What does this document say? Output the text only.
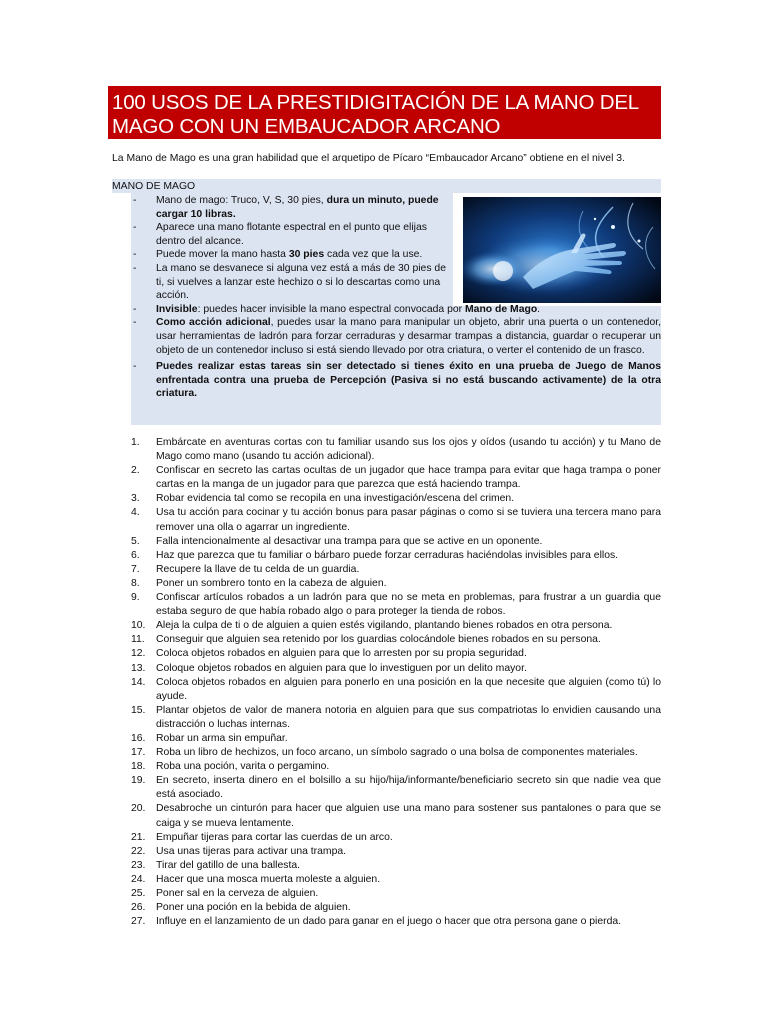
100 USOS DE LA PRESTIDIGITACIÓN DE LA MANO DEL MAGO CON UN EMBAUCADOR ARCANO
La Mano de Mago es una gran habilidad que el arquetipo de Pícaro “Embaucador Arcano” obtiene en el nivel 3.
MANO DE MAGO
- Mano de mago: Truco, V, S, 30 pies, dura un minuto, puede cargar 10 libras.
- Aparece una mano flotante espectral en el punto que elijas dentro del alcance.
- Puede mover la mano hasta 30 pies cada vez que la use.
- La mano se desvanece si alguna vez está a más de 30 pies de ti, si vuelves a lanzar este hechizo o si lo descartas como una acción.
- Invisible: puedes hacer invisible la mano espectral convocada por Mano de Mago.
- Como acción adicional, puedes usar la mano para manipular un objeto, abrir una puerta o un contenedor, usar herramientas de ladrón para forzar cerraduras y desarmar trampas a distancia, guardar o recuperar un objeto de un contenedor incluso si está siendo llevado por otra criatura, o verter el contenido de un frasco.
- Puedes realizar estas tareas sin ser detectado si tienes éxito en una prueba de Juego de Manos enfrentada contra una prueba de Percepción (Pasiva si no está buscando activamente) de la otra criatura.
1.	Embárcate en aventuras cortas con tu familiar usando sus los ojos y oídos (usando tu acción) y tu Mano de Mago como mano (usando tu acción adicional).
2.	Confiscar en secreto las cartas ocultas de un jugador que hace trampa para evitar que haga trampa o poner cartas en la manga de un jugador para que parezca que está haciendo trampa.
3.	Robar evidencia tal como se recopila en una investigación/escena del crimen.
4.	Usa tu acción para cocinar y tu acción bonus para pasar páginas o como si se tuviera una tercera mano para remover una olla o agarrar un ingrediente.
5.	Falla intencionalmente al desactivar una trampa para que se active en un oponente.
6.	Haz que parezca que tu familiar o bárbaro puede forzar cerraduras haciéndolas invisibles para ellos.
7.	Recupere la llave de tu celda de un guardia.
8.	Poner un sombrero tonto en la cabeza de alguien.
9.	Confiscar artículos robados a un ladrón para que no se meta en problemas, para frustrar a un guardia que estaba seguro de que había robado algo o para proteger la tienda de robos.
10.	Aleja la culpa de ti o de alguien a quien estés vigilando, plantando bienes robados en otra persona.
11.	Conseguir que alguien sea retenido por los guardias colocándole bienes robados en su persona.
12.	Coloca objetos robados en alguien para que lo arresten por su propia seguridad.
13.	Coloque objetos robados en alguien para que lo investiguen por un delito mayor.
14.	Coloca objetos robados en alguien para ponerlo en una posición en la que necesite que alguien (como tú) lo ayude.
15.	Plantar objetos de valor de manera notoria en alguien para que sus compatriotas lo envidien causando una distracción o luchas internas.
16.	Robar un arma sin empuñar.
17.	Roba un libro de hechizos, un foco arcano, un símbolo sagrado o una bolsa de componentes materiales.
18.	Roba una poción, varita o pergamino.
19.	En secreto, inserta dinero en el bolsillo a su hijo/hija/informante/beneficiario secreto sin que nadie vea que está asociado.
20.	Desabroche un cinturón para hacer que alguien use una mano para sostener sus pantalones o para que se caiga y se mueva lentamente.
21.	Empuñar tijeras para cortar las cuerdas de un arco.
22.	Usa unas tijeras para activar una trampa.
23.	Tirar del gatillo de una ballesta.
24.	Hacer que una mosca muerta moleste a alguien.
25.	Poner sal en la cerveza de alguien.
26.	Poner una poción en la bebida de alguien.
27.	Influye en el lanzamiento de un dado para ganar en el juego o hacer que otra persona gane o pierda.
